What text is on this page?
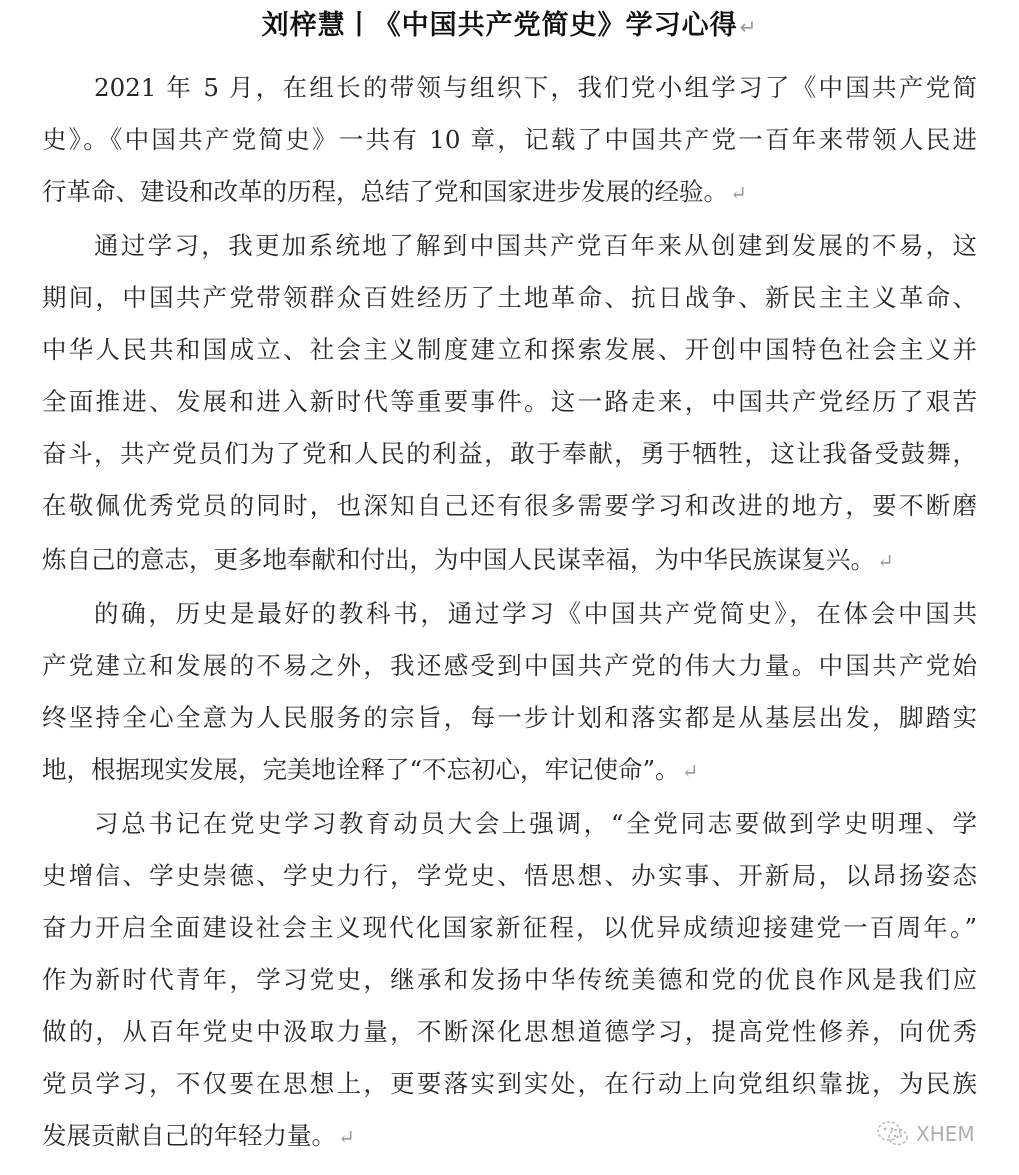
刘梓慧丨《中国共产党简史》学习心得 ↵
2021 年 5 月，在组长的带领与组织下，我们党小组学习了《中国共产党简
史》。《中国共产党简史》一共有 10 章，记载了中国共产党一百年来带领人民进
行革命、建设和改革的历程，总结了党和国家进步发展的经验。 ↵
通过学习，我更加系统地了解到中国共产党百年来从创建到发展的不易，这
期间，中国共产党带领群众百姓经历了土地革命、抗日战争、新民主主义革命、
中华人民共和国成立、社会主义制度建立和探索发展、开创中国特色社会主义并
全面推进、发展和进入新时代等重要事件。这一路走来，中国共产党经历了艰苦
奋斗，共产党员们为了党和人民的利益，敢于奉献，勇于牺牲，这让我备受鼓舞，
在敬佩优秀党员的同时，也深知自己还有很多需要学习和改进的地方，要不断磨
炼自己的意志，更多地奉献和付出，为中国人民谋幸福，为中华民族谋复兴。 ↵
的确，历史是最好的教科书，通过学习《中国共产党简史》，在体会中国共
产党建立和发展的不易之外，我还感受到中国共产党的伟大力量。中国共产党始
终坚持全心全意为人民服务的宗旨，每一步计划和落实都是从基层出发，脚踏实
地，根据现实发展，完美地诠释了“不忘初心，牢记使命”。 ↵
习总书记在党史学习教育动员大会上强调，“全党同志要做到学史明理、学
史增信、学史崇德、学史力行，学党史、悟思想、办实事、开新局，以昂扬姿态
奋力开启全面建设社会主义现代化国家新征程，以优异成绩迎接建党一百周年。”
作为新时代青年，学习党史，继承和发扬中华传统美德和党的优良作风是我们应
做的，从百年党史中汲取力量，不断深化思想道德学习，提高党性修养，向优秀
党员学习，不仅要在思想上，更要落实到实处，在行动上向党组织靠拢，为民族
发展贡献自己的年轻力量。 ↵	XHEM
